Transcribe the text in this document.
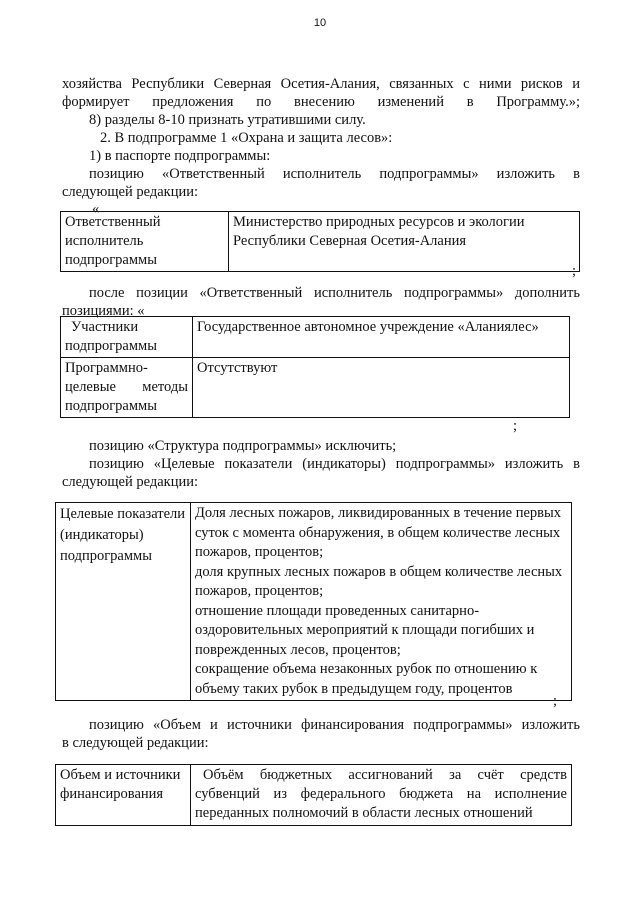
10

хозяйства Республики Северная Осетия-Алания, связанных с ними рисков и формирует предложения по внесению изменений в Программу.»;

8) разделы 8-10 признать утратившими силу.

2. В подпрограмме 1 «Охрана и защита лесов»:

1) в паспорте подпрограммы:

позицию «Ответственный исполнитель подпрограммы» изложить в

следующей редакции:

«

Ответственный исполнитель подпрограммы	Министерство природных ресурсов и экологии Республики Северная Осетия-Алания
;

после позиции «Ответственный исполнитель подпрограммы» дополнить

позициями: «

Участники подпрограммы	Государственное автономное учреждение «Аланиялес»
Программно-целевые методы подпрограммы	Отсутствуют
;

позицию «Структура подпрограммы» исключить;

позицию «Целевые показатели (индикаторы) подпрограммы» изложить в

следующей редакции:

Целевые показатели (индикаторы) подпрограммы	Доля лесных пожаров, ликвидированных в течение первых суток с момента обнаружения, в общем количестве лесных пожаров, процентов;
доля крупных лесных пожаров в общем количестве лесных пожаров, процентов;
отношение площади проведенных санитарно-оздоровительных мероприятий к площади погибших и поврежденных лесов, процентов;
сокращение объема незаконных рубок по отношению к объему таких рубок в предыдущем году, процентов
;

позицию «Объем и источники финансирования подпрограммы» изложить

в следующей редакции:

Объем и источники финансирования	Объём бюджетных ассигнований за счёт средств субвенций из федерального бюджета на исполнение переданных полномочий в области лесных отношений
